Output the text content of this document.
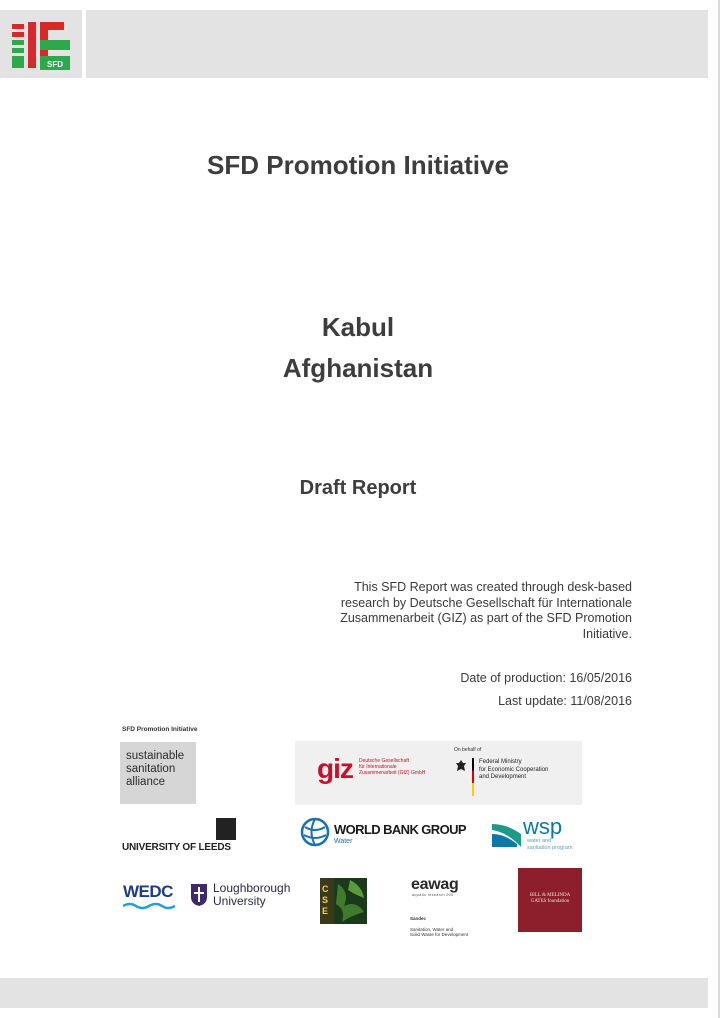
SFD
SFD Promotion Initiative
Kabul
Afghanistan
Draft Report
This SFD Report was created through desk-based research by Deutsche Gesellschaft für Internationale Zusammenarbeit (GIZ) as part of the SFD Promotion Initiative.
Date of production: 16/05/2016
Last update: 11/08/2016
SFD Promotion Initiative
sustainable
sanitation
alliance	giz Deutsche Gesellschaft
für Internationale
Zusammenarbeit (GIZ) GmbH
On behalf of
Federal Ministry
for Economic Cooperation
and Development
UNIVERSITY OF LEEDS
WORLD BANK GROUP
Water
wsp
water and
sanitation program
WEDC	Loughborough
University
C
S
E
eawag
aquatic research 000

Sandec

Sanitation, Water and
Solid Waste for Development

BILL & MELINDA
GATES foundation
